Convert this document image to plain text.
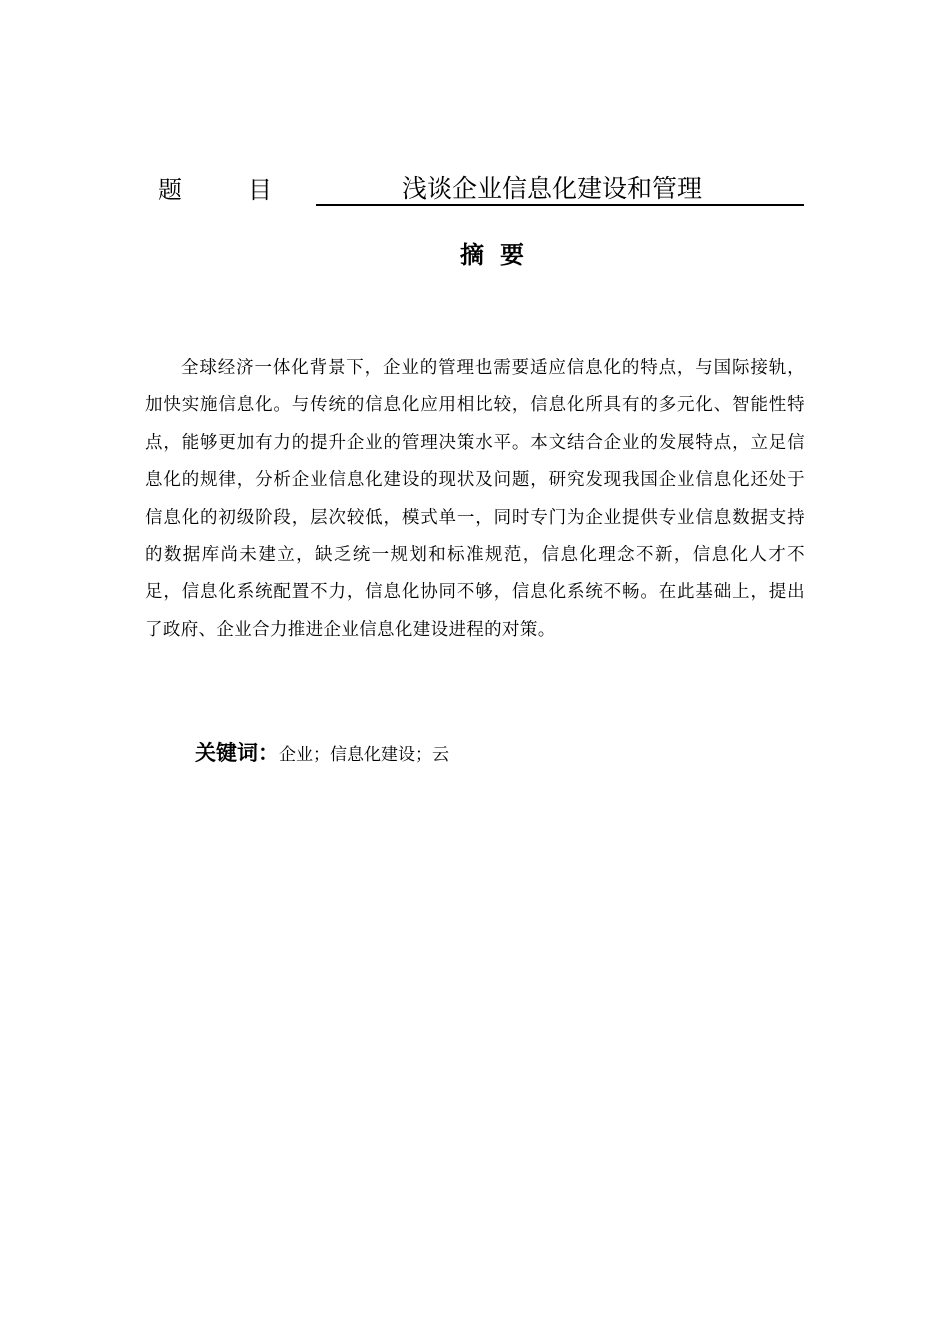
题	目	浅谈企业信息化建设和管理
摘要

全球经济一体化背景下，企业的管理也需要适应信息化的特点，与国际接轨，加快实施信息化。与传统的信息化应用相比较，信息化所具有的多元化、智能性特点，能够更加有力的提升企业的管理决策水平。本文结合企业的发展特点，立足信息化的规律，分析企业信息化建设的现状及问题，研究发现我国企业信息化还处于信息化的初级阶段，层次较低，模式单一，同时专门为企业提供专业信息数据支持的数据库尚未建立，缺乏统一规划和标准规范，信息化理念不新，信息化人才不足，信息化系统配置不力，信息化协同不够，信息化系统不畅。在此基础上，提出了政府、企业合力推进企业信息化建设进程的对策。

关键词：企业；信息化建设；云
